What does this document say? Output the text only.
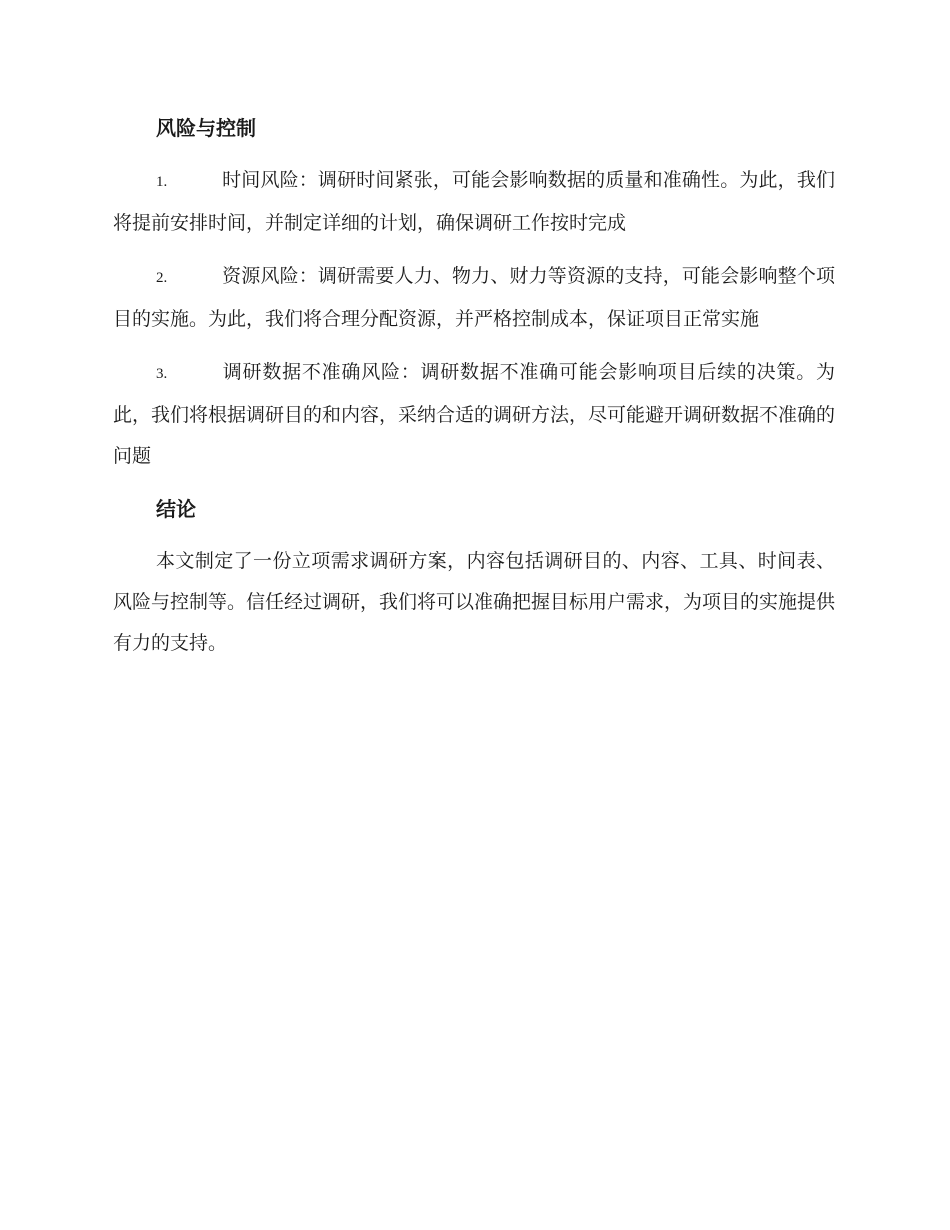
风险与控制

1.	时间风险：调研时间紧张，可能会影响数据的质量和准确性。为此，我们将提前安排时间，并制定详细的计划，确保调研工作按时完成

2.	资源风险：调研需要人力、物力、财力等资源的支持，可能会影响整个项目的实施。为此，我们将合理分配资源，并严格控制成本，保证项目正常实施

3.	调研数据不准确风险：调研数据不准确可能会影响项目后续的决策。为此，我们将根据调研目的和内容，采纳合适的调研方法，尽可能避开调研数据不准确的问题

结论

本文制定了一份立项需求调研方案，内容包括调研目的、内容、工具、时间表、风险与控制等。信任经过调研，我们将可以准确把握目标用户需求，为项目的实施提供有力的支持。
